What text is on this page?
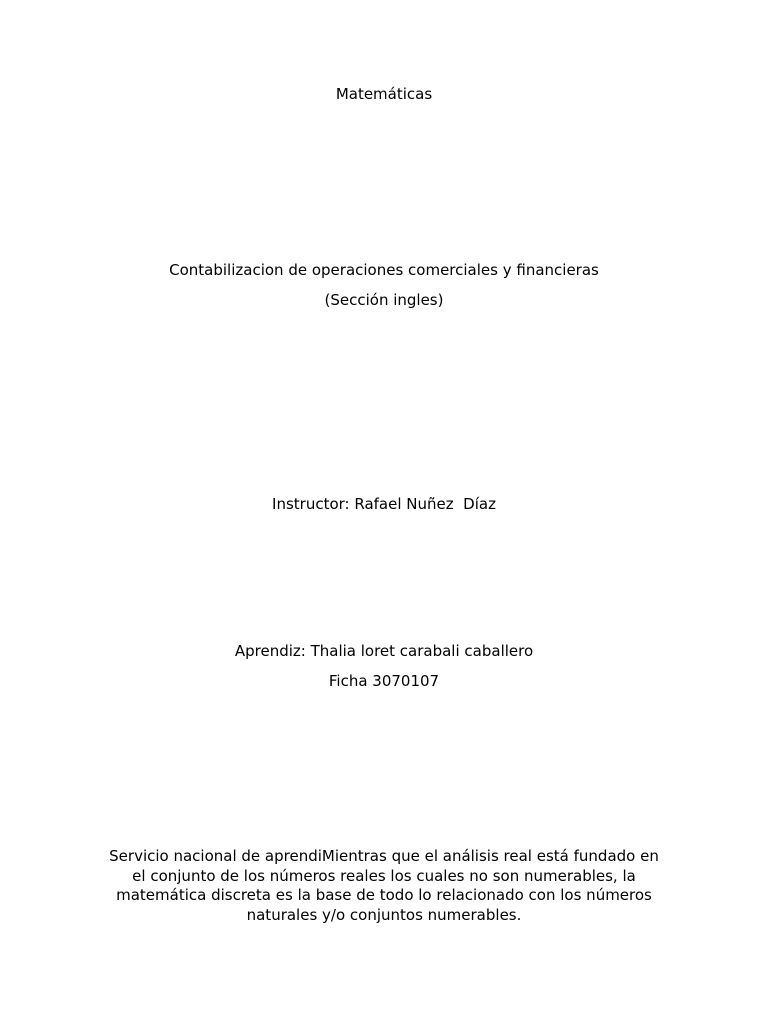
Matemáticas
Contabilizacion de operaciones comerciales y financieras
(Sección ingles)
Instructor: Rafael Nuñez  Díaz
Aprendiz: Thalia loret carabali caballero
Ficha 3070107
Servicio nacional de aprendiMientras que el análisis real está fundado en el conjunto de los números reales los cuales no son numerables, la matemática discreta es la base de todo lo relacionado con los números naturales y/o conjuntos numerables.
